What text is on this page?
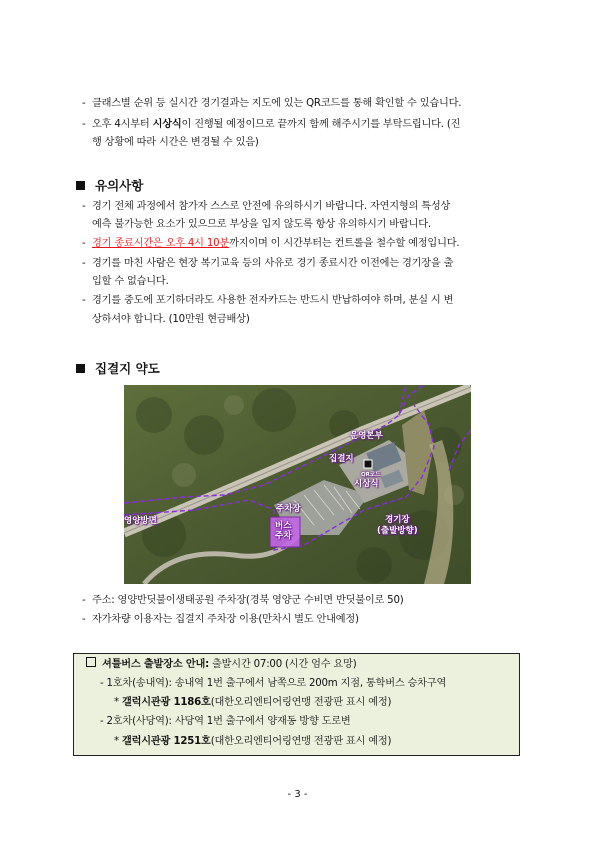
- 클래스별 순위 등 실시간 경기결과는 지도에 있는 QR코드를 통해 확인할 수 있습니다.
- 오후 4시부터 시상식이 진행될 예정이므로 끝까지 함께 해주시기를 부탁드립니다. (진
행 상황에 따라 시간은 변경될 수 있음)
유의사항
- 경기 전체 과정에서 참가자 스스로 안전에 유의하시기 바랍니다. 자연지형의 특성상
예측 불가능한 요소가 있으므로 부상을 입지 않도록 항상 유의하시기 바랍니다.
- 경기 종료시간은 오후 4시 10분까지이며 이 시간부터는 컨트롤을 철수할 예정입니다.
- 경기를 마친 사람은 현장 복기교육 등의 사유로 경기 종료시간 이전에는 경기장을 출
입할 수 없습니다.
- 경기를 중도에 포기하더라도 사용한 전자카드는 반드시 반납하여야 하며, 분실 시 변
상하셔야 합니다. (10만원 현금배상)
집결지 약도
운영본부
집결지
QR코드
시상식
주차장
버스
주차
영양방면	경기장
(출발방향)
- 주소: 영양반딧불이생태공원 주차장(경북 영양군 수비면 반딧불이로 50)
- 자가차량 이용자는 집결지 주차장 이용(만차시 별도 안내예정)
셔틀버스 출발장소 안내: 출발시간 07:00 (시간 엄수 요망)
- 1호차(송내역): 송내역 1번 출구에서 남쪽으로 200m 지점, 통학버스 승차구역
* 갤럭시관광 1186호(대한오리엔티어링연맹 전광판 표시 예정)
- 2호차(사당역): 사당역 1번 출구에서 양재동 방향 도로변
* 갤럭시관광 1251호(대한오리엔티어링연맹 전광판 표시 예정)
- 3 -
